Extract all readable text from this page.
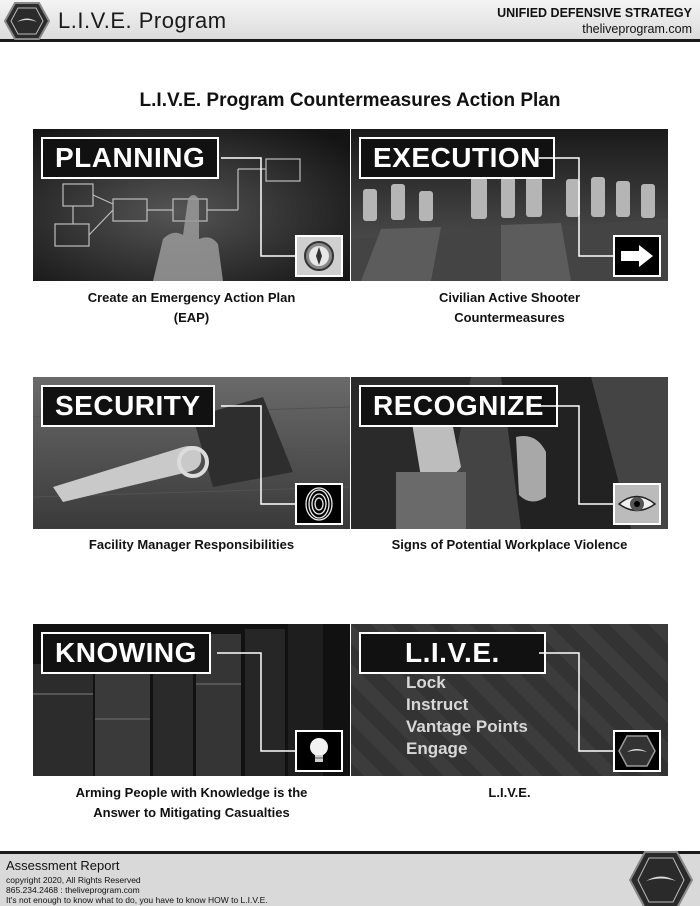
L.I.V.E. Program	UNIFIED DEFENSIVE STRATEGY
theliveprogram.com
L.I.V.E. Program Countermeasures Action Plan
PLANNING
Create an Emergency Action Plan
(EAP)
EXECUTION
Civilian Active Shooter
Countermeasures
SECURITY
Facility Manager Responsibilities
RECOGNIZE
Signs of Potential Workplace Violence
KNOWING
Arming People with Knowledge is the
Answer to Mitigating Casualties
L.I.V.E.
Lock
Instruct
Vantage Points
Engage
L.I.V.E.
Assessment Report
copyright 2020, All Rights Reserved
865.234.2468 : theliveprogram.com
It's not enough to know what to do, you have to know HOW to L.I.V.E.
